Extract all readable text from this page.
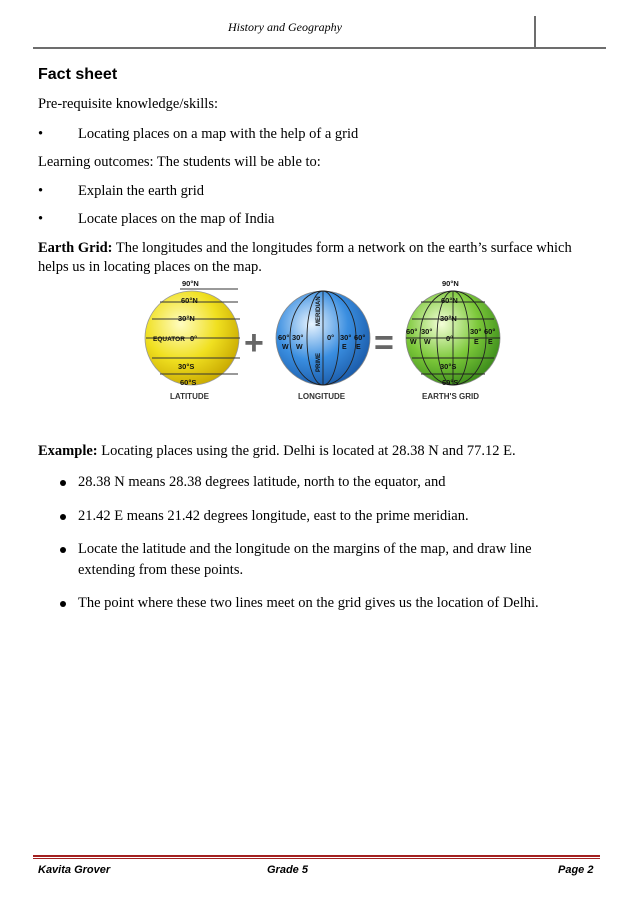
History and Geography
Fact sheet
Pre-requisite knowledge/skills:
• Locating places on a map with the help of a grid
Learning outcomes: The students will be able to:
• Explain the earth grid
• Locate places on the map of India
Earth Grid: The longitudes and the longitudes form a network on the earth’s surface which helps us in locating places on the map.
90°N
60°N
30°N
EQUATOR 0°
30°S
60°S
LATITUDE
+
MERIDIAN
PRIME
60° 30°	0° 30° 60°
W W	E E
LONGITUDE
=
90°N
60°N
30°N
0°
30°S
60°S
60° 30°	30° 60°
W W	E E
EARTH'S GRID
Example: Locating places using the grid. Delhi is located at 28.38 N and 77.12 E.
28.38 N means 28.38 degrees latitude, north to the equator, and
21.42 E means 21.42 degrees longitude, east to the prime meridian.
Locate the latitude and the longitude on the margins of the map, and draw line extending from these points.
The point where these two lines meet on the grid gives us the location of Delhi.
Kavita Grover	Grade 5	Page 2
